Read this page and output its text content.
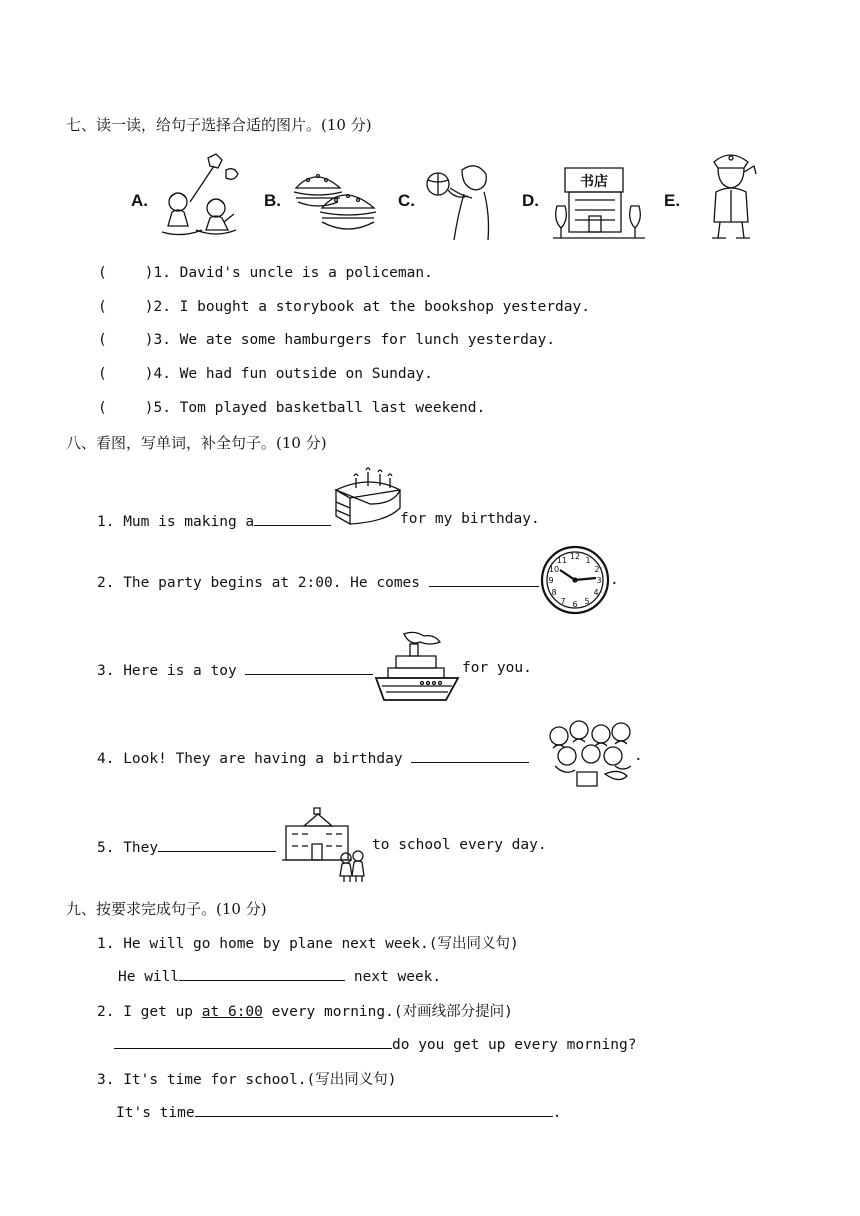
七、读一读，给句子选择合适的图片。(10 分)
A.	B.	C.	D.
书店
E.
(	)1. David's uncle is a policeman.
(	)2. I bought a storybook at the bookshop yesterday.
(	)3. We ate some hamburgers for lunch yesterday.
(	)4. We had fun outside on Sunday.
(	)5. Tom played basketball last weekend.
八、看图，写单词，补全句子。(10 分)
1. Mum is making a	for my birthday.
2. The party begins at 2:00. He comes
12 1
2
3
4
5
6
7
8
9
10
11
.
3. Here is a toy	for you.
4. Look! They are having a birthday	.
5. They	to school every day.
九、按要求完成句子。(10 分)
1. He will go home by plane next week.(写出同义句)
He will	next week.
2. I get up at 6:00 every morning.(对画线部分提问)
do you get up every morning?
3. It's time for school.(写出同义句)
It's time	.
